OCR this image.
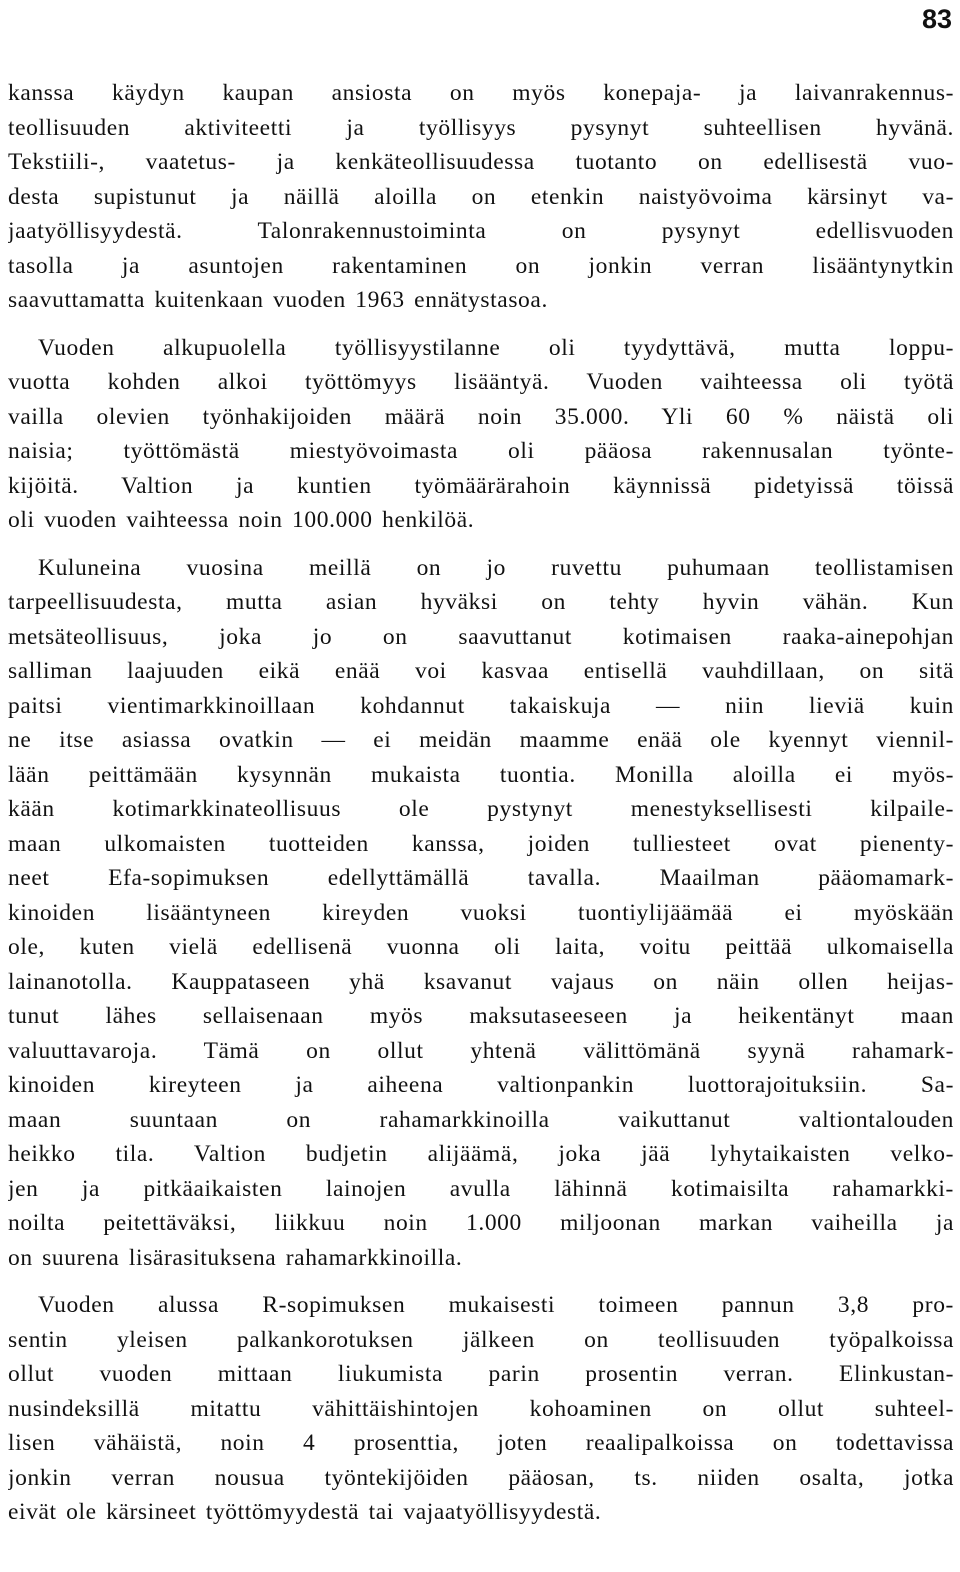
83
kanssa käydyn kaupan ansiosta on myös konepaja- ja laivanrakennus-
teollisuuden aktiviteetti ja työllisyys pysynyt suhteellisen hyvänä.
Tekstiili-, vaatetus- ja kenkäteollisuudessa tuotanto on edellisestä vuo-
desta supistunut ja näillä aloilla on etenkin naistyövoima kärsinyt va-
jaatyöllisyydestä. Talonrakennustoiminta on pysynyt edellisvuoden
tasolla ja asuntojen rakentaminen on jonkin verran lisääntynytkin
saavuttamatta kuitenkaan vuoden 1963 ennätystasoa.
Vuoden alkupuolella työllisyystilanne oli tyydyttävä, mutta loppu-
vuotta kohden alkoi työttömyys lisääntyä. Vuoden vaihteessa oli työtä
vailla olevien työnhakijoiden määrä noin 35.000. Yli 60 % näistä oli
naisia; työttömästä miestyövoimasta oli pääosa rakennusalan työnte-
kijöitä. Valtion ja kuntien työmäärärahoin käynnissä pidetyissä töissä
oli vuoden vaihteessa noin 100.000 henkilöä.
Kuluneina vuosina meillä on jo ruvettu puhumaan teollistamisen
tarpeellisuudesta, mutta asian hyväksi on tehty hyvin vähän. Kun
metsäteollisuus, joka jo on saavuttanut kotimaisen raaka-ainepohjan
salliman laajuuden eikä enää voi kasvaa entisellä vauhdillaan, on sitä
paitsi vientimarkkinoillaan kohdannut takaiskuja — niin lieviä kuin
ne itse asiassa ovatkin — ei meidän maamme enää ole kyennyt viennil-
lään peittämään kysynnän mukaista tuontia. Monilla aloilla ei myös-
kään kotimarkkinateollisuus ole pystynyt menestyksellisesti kilpaile-
maan ulkomaisten tuotteiden kanssa, joiden tulliesteet ovat pienenty-
neet Efa-sopimuksen edellyttämällä tavalla. Maailman pääomamark-
kinoiden lisääntyneen kireyden vuoksi tuontiylijäämää ei myöskään
ole, kuten vielä edellisenä vuonna oli laita, voitu peittää ulkomaisella
lainanotolla. Kauppataseen yhä ksavanut vajaus on näin ollen heijas-
tunut lähes sellaisenaan myös maksutaseeseen ja heikentänyt maan
valuuttavaroja. Tämä on ollut yhtenä välittömänä syynä rahamark-
kinoiden kireyteen ja aiheena valtionpankin luottorajoituksiin. Sa-
maan suuntaan on rahamarkkinoilla vaikuttanut valtiontalouden
heikko tila. Valtion budjetin alijäämä, joka jää lyhytaikaisten velko-
jen ja pitkäaikaisten lainojen avulla lähinnä kotimaisilta rahamarkki-
noilta peitettäväksi, liikkuu noin 1.000 miljoonan markan vaiheilla ja
on suurena lisärasituksena rahamarkkinoilla.
Vuoden alussa R-sopimuksen mukaisesti toimeen pannun 3,8 pro-
sentin yleisen palkankorotuksen jälkeen on teollisuuden työpalkoissa
ollut vuoden mittaan liukumista parin prosentin verran. Elinkustan-
nusindeksillä mitattu vähittäishintojen kohoaminen on ollut suhteel-
lisen vähäistä, noin 4 prosenttia, joten reaalipalkoissa on todettavissa
jonkin verran nousua työntekijöiden pääosan, ts. niiden osalta, jotka
eivät ole kärsineet työttömyydestä tai vajaatyöllisyydestä.
